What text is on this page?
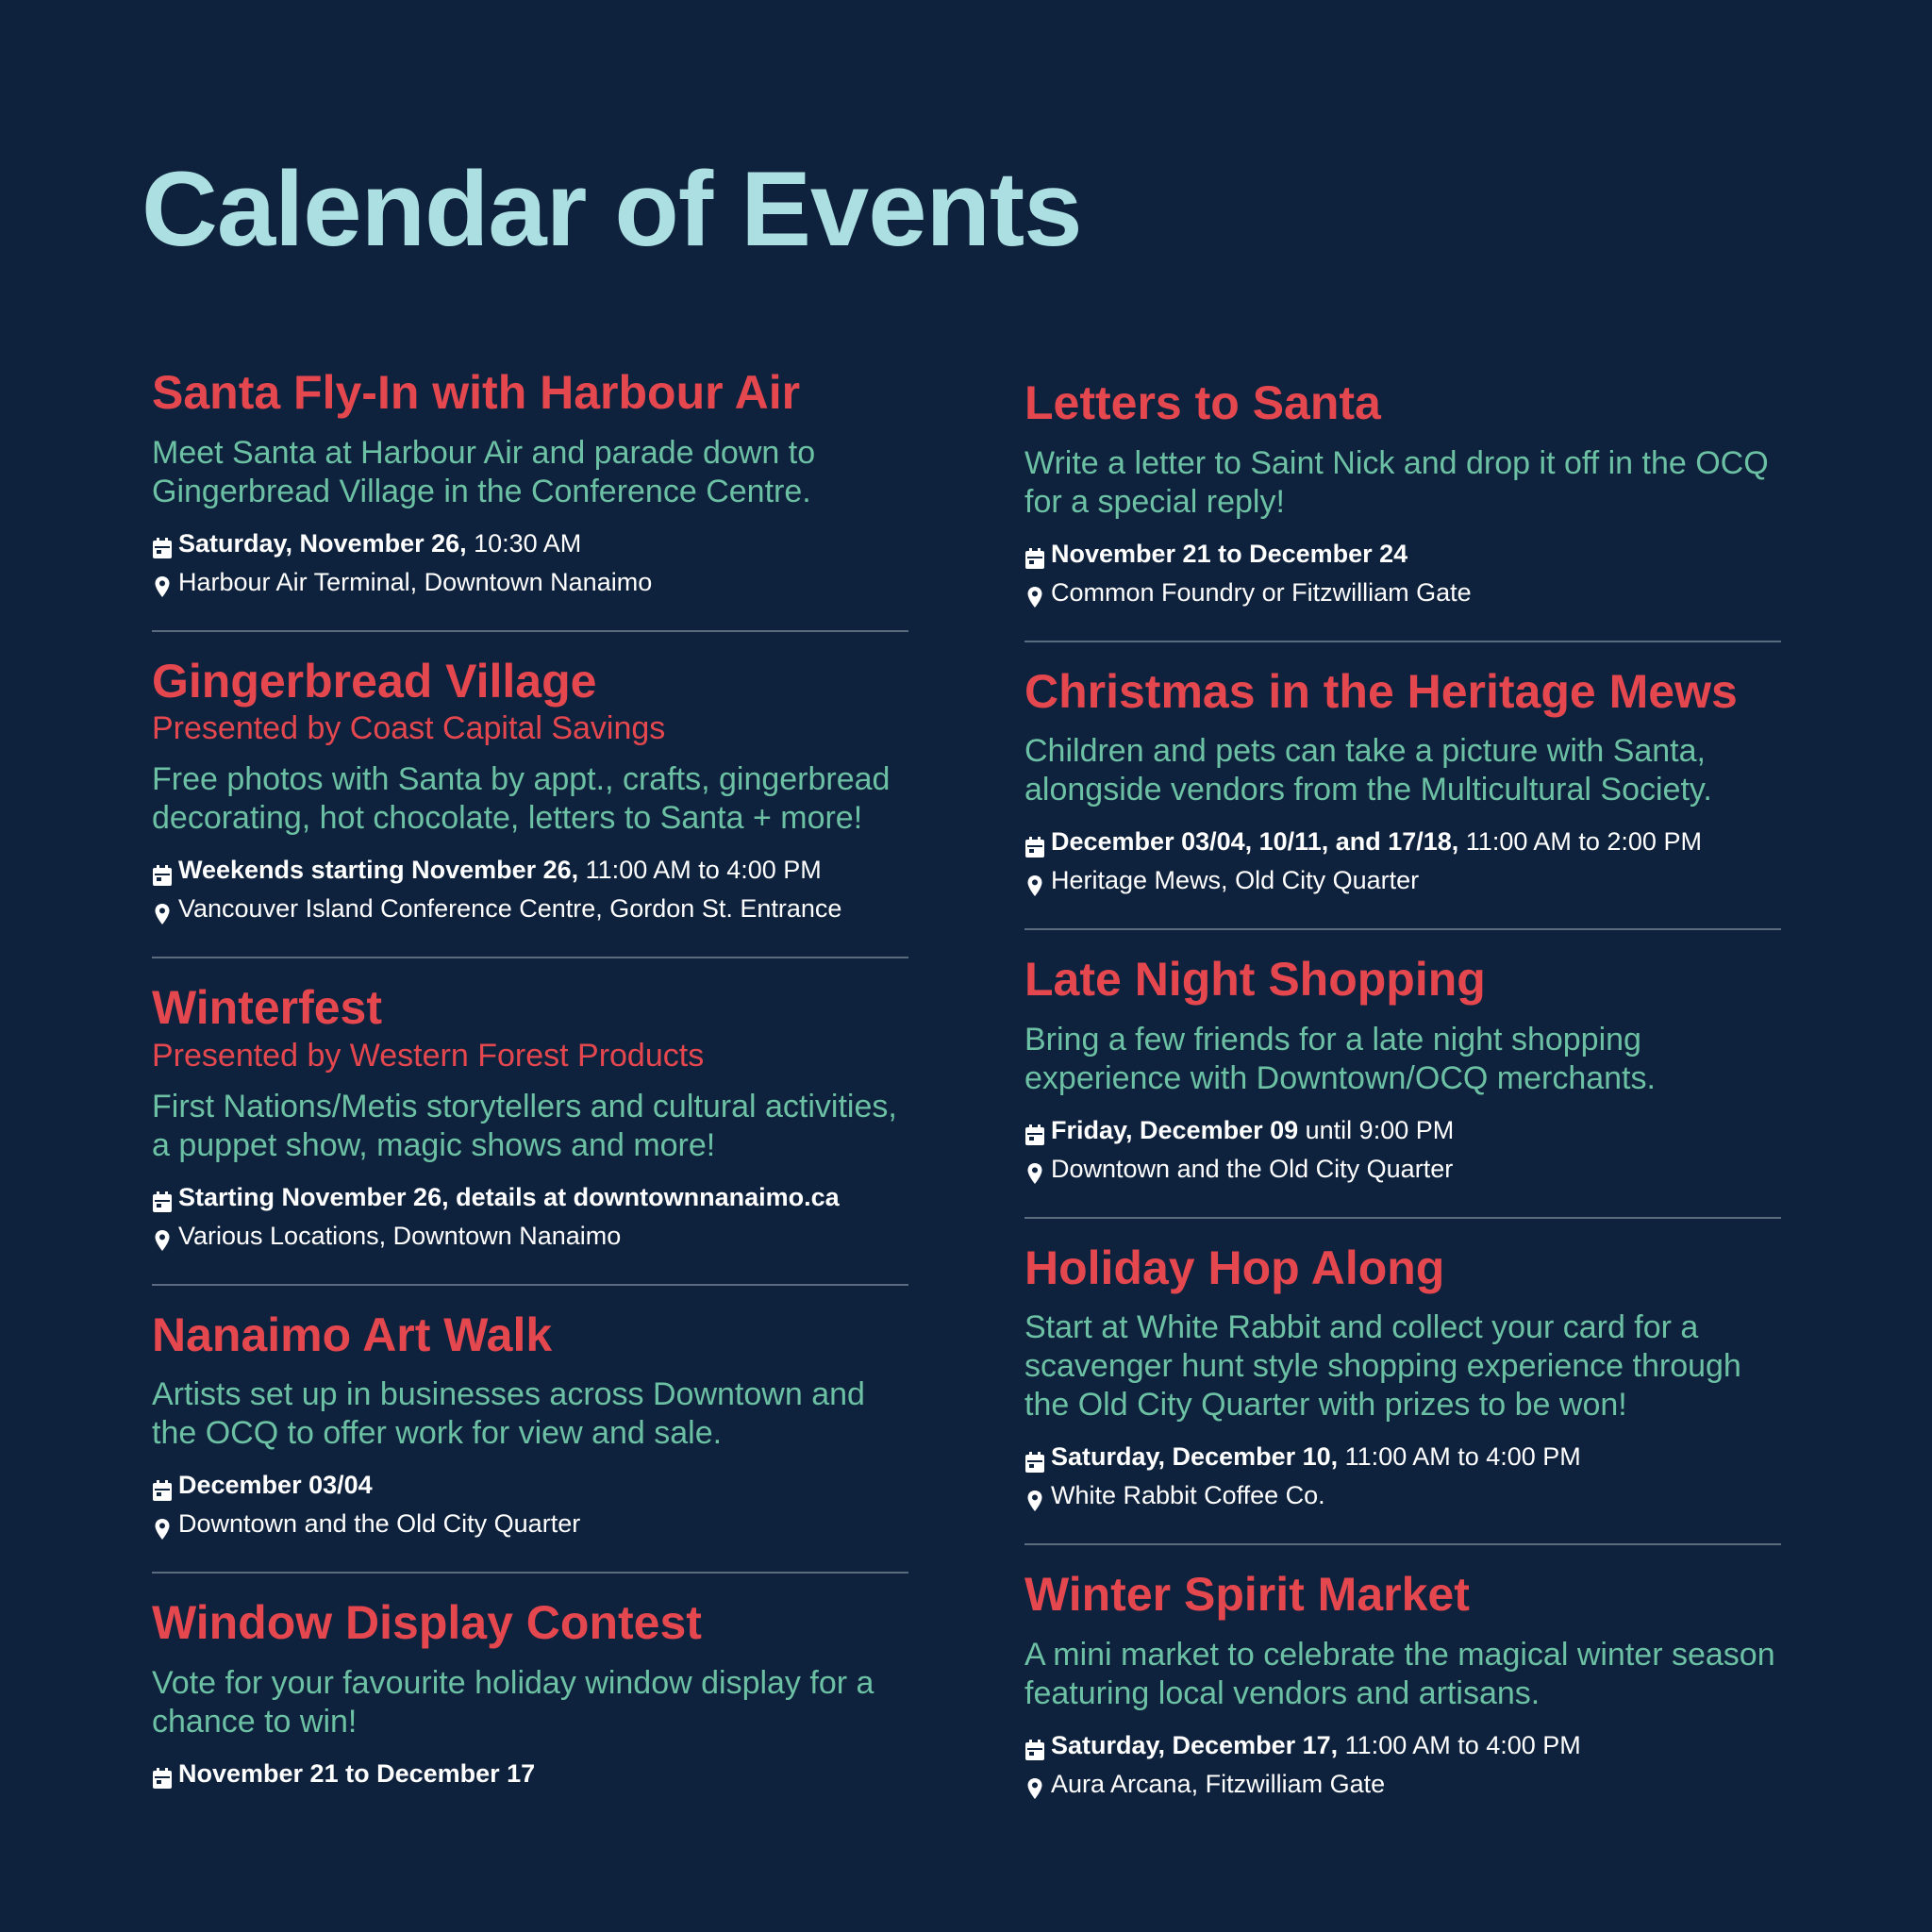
Calendar of Events
Santa Fly-In with Harbour Air
Meet Santa at Harbour Air and parade down to Gingerbread Village in the Conference Centre.
Saturday, November 26, 10:30 AM
Harbour Air Terminal, Downtown Nanaimo
Gingerbread Village
Presented by Coast Capital Savings
Free photos with Santa by appt., crafts, gingerbread decorating, hot chocolate, letters to Santa + more!
Weekends starting November 26, 11:00 AM to 4:00 PM
Vancouver Island Conference Centre, Gordon St. Entrance
Winterfest
Presented by Western Forest Products
First Nations/Metis storytellers and cultural activities, a puppet show, magic shows and more!
Starting November 26, details at downtownnanaimo.ca
Various Locations, Downtown Nanaimo
Nanaimo Art Walk
Artists set up in businesses across Downtown and the OCQ to offer work for view and sale.
December 03/04
Downtown and the Old City Quarter
Window Display Contest
Vote for your favourite holiday window display for a chance to win!
November 21 to December 17
Letters to Santa
Write a letter to Saint Nick and drop it off in the OCQ for a special reply!
November 21 to December 24
Common Foundry or Fitzwilliam Gate
Christmas in the Heritage Mews
Children and pets can take a picture with Santa, alongside vendors from the Multicultural Society.
December 03/04, 10/11, and 17/18, 11:00 AM to 2:00 PM
Heritage Mews, Old City Quarter
Late Night Shopping
Bring a few friends for a late night shopping experience with Downtown/OCQ merchants.
Friday, December 09 until 9:00 PM
Downtown and the Old City Quarter
Holiday Hop Along
Start at White Rabbit and collect your card for a scavenger hunt style shopping experience through the Old City Quarter with prizes to be won!
Saturday, December 10, 11:00 AM to 4:00 PM
White Rabbit Coffee Co.
Winter Spirit Market
A mini market to celebrate the magical winter season featuring local vendors and artisans.
Saturday, December 17, 11:00 AM to 4:00 PM
Aura Arcana, Fitzwilliam Gate
